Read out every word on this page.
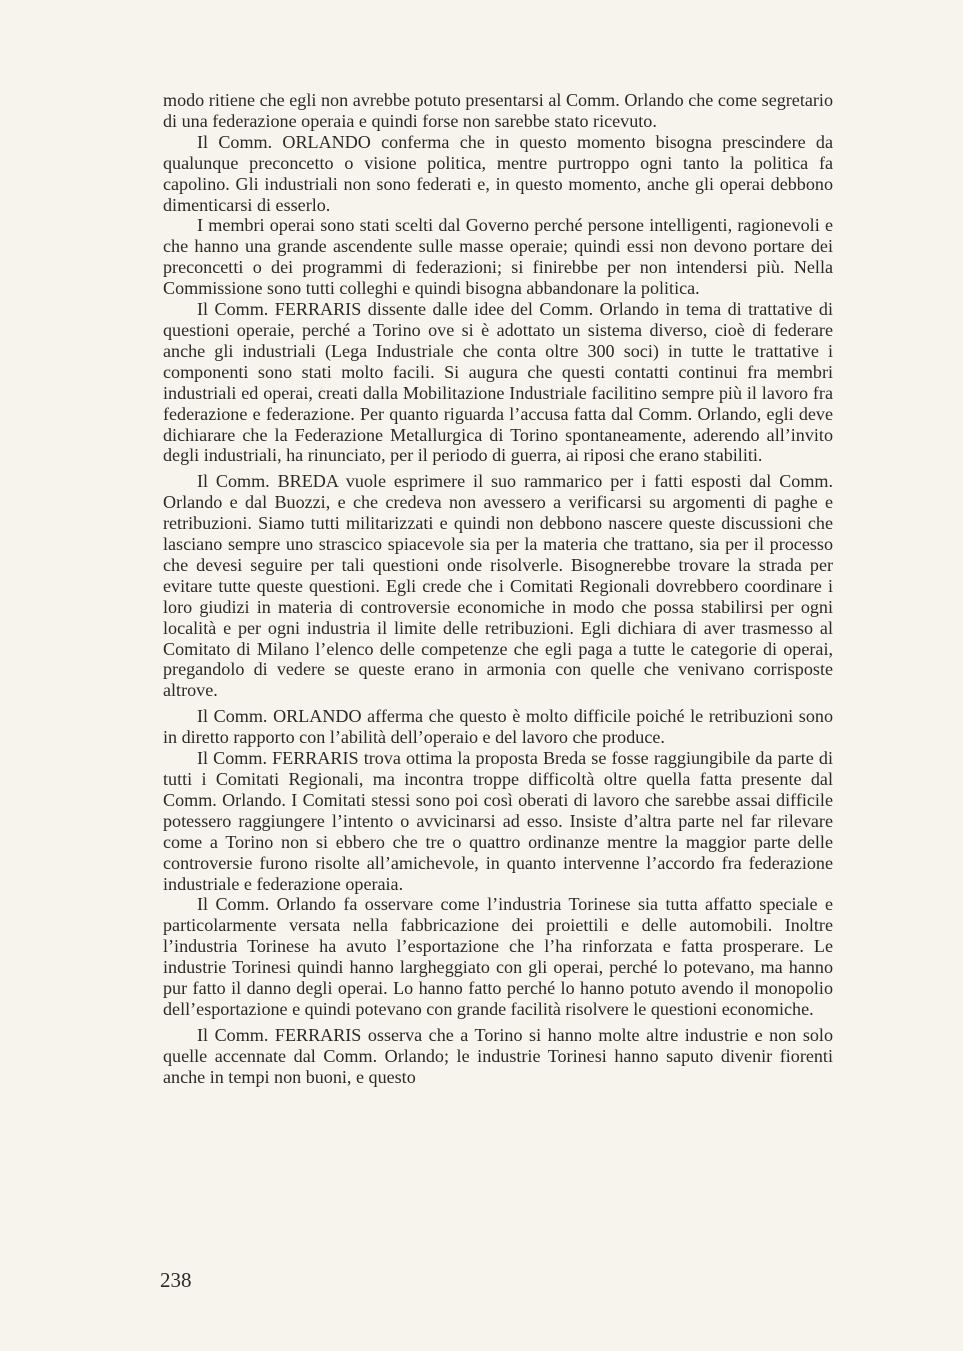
modo ritiene che egli non avrebbe potuto presentarsi al Comm. Orlando che come segretario di una federazione operaia e quindi forse non sarebbe stato ricevuto.

Il Comm. ORLANDO conferma che in questo momento bisogna prescindere da qualunque preconcetto o visione politica, mentre purtroppo ogni tanto la politica fa capolino. Gli industriali non sono federati e, in questo momento, anche gli operai debbono dimenticarsi di esserlo.

I membri operai sono stati scelti dal Governo perché persone intelligenti, ragionevoli e che hanno una grande ascendente sulle masse operaie; quindi essi non devono portare dei preconcetti o dei programmi di federazioni; si finirebbe per non intendersi più. Nella Commissione sono tutti colleghi e quindi bisogna abbandonare la politica.

Il Comm. FERRARIS dissente dalle idee del Comm. Orlando in tema di trattative di questioni operaie, perché a Torino ove si è adottato un sistema diverso, cioè di federare anche gli industriali (Lega Industriale che conta oltre 300 soci) in tutte le trattative i componenti sono stati molto facili. Si augura che questi contatti continui fra membri industriali ed operai, creati dalla Mobilitazione Industriale facilitino sempre più il lavoro fra federazione e federazione. Per quanto riguarda l’accusa fatta dal Comm. Orlando, egli deve dichiarare che la Federazione Metallurgica di Torino spontaneamente, aderendo all’invito degli industriali, ha rinunciato, per il periodo di guerra, ai riposi che erano stabiliti.

Il Comm. BREDA vuole esprimere il suo rammarico per i fatti esposti dal Comm. Orlando e dal Buozzi, e che credeva non avessero a verificarsi su argomenti di paghe e retribuzioni. Siamo tutti militarizzati e quindi non debbono nascere queste discussioni che lasciano sempre uno strascico spiacevole sia per la materia che trattano, sia per il processo che devesi seguire per tali questioni onde risolverle. Bisognerebbe trovare la strada per evitare tutte queste questioni. Egli crede che i Comitati Regionali dovrebbero coordinare i loro giudizi in materia di controversie economiche in modo che possa stabilirsi per ogni località e per ogni industria il limite delle retribuzioni. Egli dichiara di aver trasmesso al Comitato di Milano l’elenco delle competenze che egli paga a tutte le categorie di operai, pregandolo di vedere se queste erano in armonia con quelle che venivano corrisposte altrove.

Il Comm. ORLANDO afferma che questo è molto difficile poiché le retribuzioni sono in diretto rapporto con l’abilità dell’operaio e del lavoro che produce.

Il Comm. FERRARIS trova ottima la proposta Breda se fosse raggiungibile da parte di tutti i Comitati Regionali, ma incontra troppe difficoltà oltre quella fatta presente dal Comm. Orlando. I Comitati stessi sono poi così oberati di lavoro che sarebbe assai difficile potessero raggiungere l’intento o avvicinarsi ad esso. Insiste d’altra parte nel far rilevare come a Torino non si ebbero che tre o quattro ordinanze mentre la maggior parte delle controversie furono risolte all’amichevole, in quanto intervenne l’accordo fra federazione industriale e federazione operaia.

Il Comm. Orlando fa osservare come l’industria Torinese sia tutta affatto speciale e particolarmente versata nella fabbricazione dei proiettili e delle automobili. Inoltre l’industria Torinese ha avuto l’esportazione che l’ha rinforzata e fatta prosperare. Le industrie Torinesi quindi hanno largheggiato con gli operai, perché lo potevano, ma hanno pur fatto il danno degli operai. Lo hanno fatto perché lo hanno potuto avendo il monopolio dell’esportazione e quindi potevano con grande facilità risolvere le questioni economiche.

Il Comm. FERRARIS osserva che a Torino si hanno molte altre industrie e non solo quelle accennate dal Comm. Orlando; le industrie Torinesi hanno saputo divenir fiorenti anche in tempi non buoni, e questo

238
